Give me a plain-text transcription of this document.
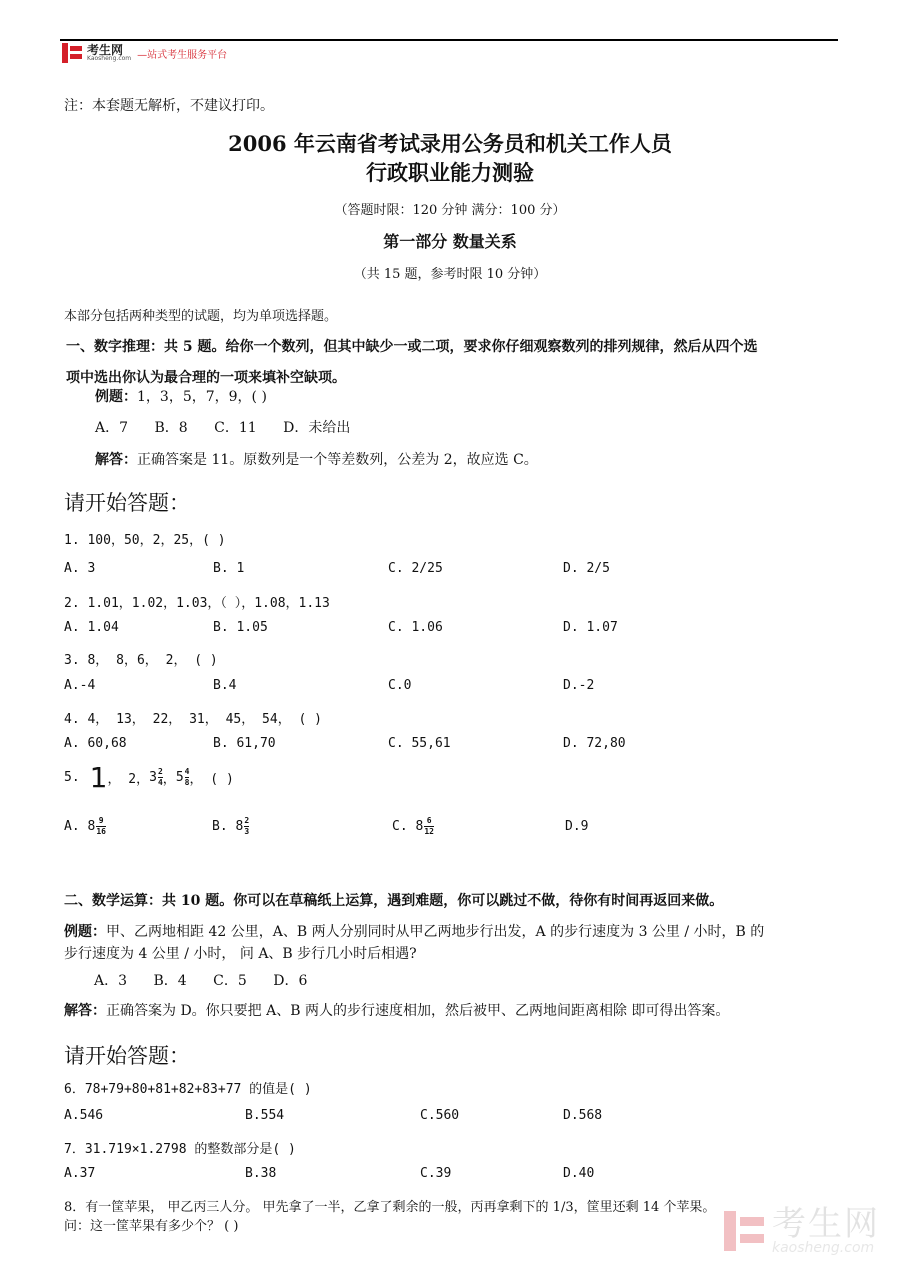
考生网
Kaosheng.com —站式考生服务平台
注：本套题无解析，不建议打印。
2006 年云南省考试录用公务员和机关工作人员
行政职业能力测验
（答题时限：120 分钟 满分：100 分）
第一部分 数量关系
（共 15 题，参考时限 10 分钟）
本部分包括两种类型的试题，均为单项选择题。
一、数字推理：共 5 题。给你一个数列，但其中缺少一或二项，要求你仔细观察数列的排列规律，然后从四个选
项中选出你认为最合理的一项来填补空缺项。
例题：1，3，5，7，9，( )
A．7 B．8 C．11 D．未给出
解答：正确答案是 11。原数列是一个等差数列，公差为 2，故应选 C。
请开始答题：
1. 100，50，2，25，( )
A. 3	B. 1	C. 2/25	D. 2/5
2. 1.01，1.02，1.03，（ ），1.08，1.13
A. 1.04	B. 1.05	C. 1.06	D. 1.07
3. 8， 8，6， 2， ( )
A.-4	B.4	C.0	D.-2
4. 4， 13， 22， 31， 45， 54， ( )
A. 60,68	B. 61,70	C. 55,61	D. 72,80
5. 1 ， 2， $3 \frac{2}{4}$ ， $5 \frac{4}{8}$ ， ( )
A. $8 \frac{9}{16}$	B. $8 \frac{2}{3}$	C. $8 \frac{6}{12}$	D.9
二、数学运算：共 10 题。你可以在草稿纸上运算，遇到难题，你可以跳过不做，待你有时间再返回来做。
例题：甲、乙两地相距 42 公里，A、B 两人分别同时从甲乙两地步行出发，A 的步行速度为 3 公里 / 小时，B 的
步行速度为 4 公里 / 小时， 问 A、B 步行几小时后相遇?
A．3 B．4 C．5 D．6
解答：正确答案为 D。你只要把 A、B 两人的步行速度相加，然后被甲、乙两地间距离相除 即可得出答案。
请开始答题：
6．78+79+80+81+82+83+77 的值是( )
A.546	B.554	C.560	D.568
7．31.719×1.2798 的整数部分是( )
A.37	B.38	C.39	D.40
8．有一筐苹果， 甲乙丙三人分。 甲先拿了一半，乙拿了剩余的一般，丙再拿剩下的 1/3，筐里还剩 14 个苹果。
问：这一筐苹果有多少个？ ( )	考生网
kaosheng.com
